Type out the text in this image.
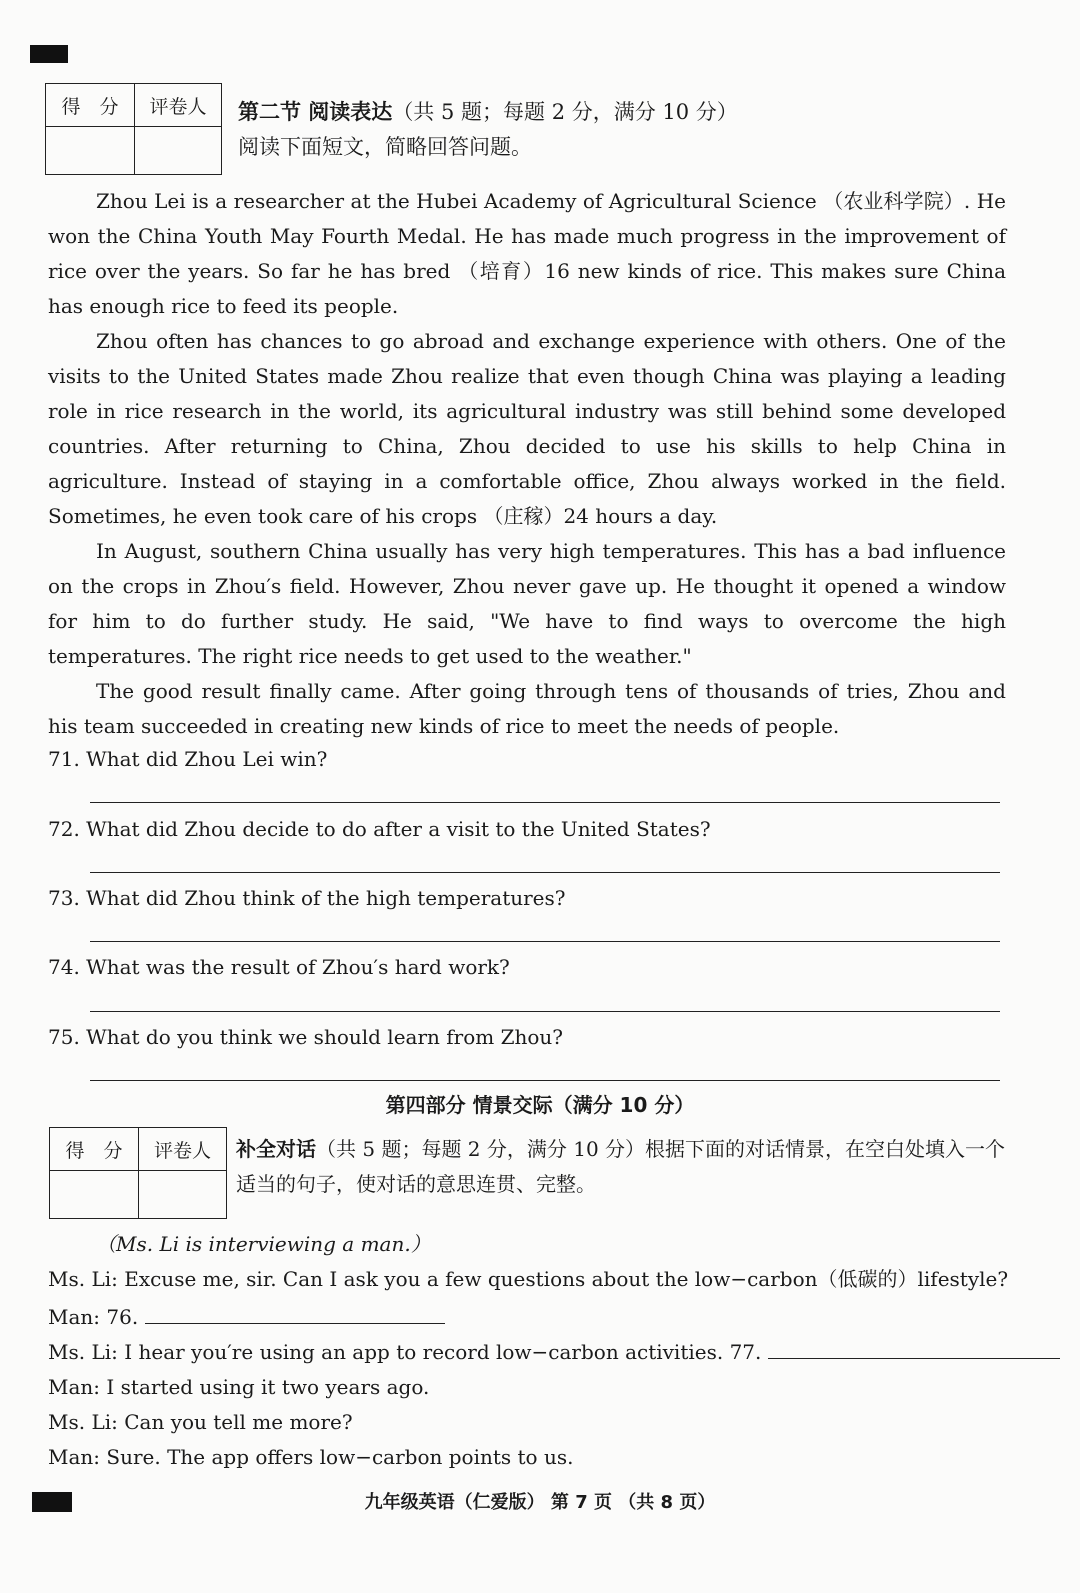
得　分	评卷人
	第二节 阅读表达（共 5 题；每题 2 分，满分 10 分）
阅读下面短文，简略回答问题。

Zhou Lei is a researcher at the Hubei Academy of Agricultural Science （农业科学院）. He won the China Youth May Fourth Medal. He has made much progress in the improvement of rice over the years. So far he has bred （培育）16 new kinds of rice. This makes sure China has enough rice to feed its people.

Zhou often has chances to go abroad and exchange experience with others. One of the visits to the United States made Zhou realize that even though China was playing a leading role in rice research in the world, its agricultural industry was still behind some developed countries. After returning to China, Zhou decided to use his skills to help China in agriculture. Instead of staying in a comfortable office, Zhou always worked in the field. Sometimes, he even took care of his crops （庄稼）24 hours a day.

In August, southern China usually has very high temperatures. This has a bad influence on the crops in Zhou′s field. However, Zhou never gave up. He thought it opened a window for him to do further study. He said, "We have to find ways to overcome the high temperatures. The right rice needs to get used to the weather."

The good result finally came. After going through tens of thousands of tries, Zhou and his team succeeded in creating new kinds of rice to meet the needs of people.

71. What did Zhou Lei win?
72. What did Zhou decide to do after a visit to the United States?
73. What did Zhou think of the high temperatures?
74. What was the result of Zhou′s hard work?
75. What do you think we should learn from Zhou?
第四部分 情景交际（满分 10 分）
得　分	评卷人
	补全对话（共 5 题；每题 2 分，满分 10 分）根据下面的对话情景，在空白处填入一个适当的句子，使对话的意思连贯、完整。
（Ms. Li is interviewing a man.）
Ms. Li: Excuse me, sir. Can I ask you a few questions about the low−carbon（低碳的）lifestyle?
Man: 76.
Ms. Li: I hear you′re using an app to record low−carbon activities. 77.
Man: I started using it two years ago.
Ms. Li: Can you tell me more?
Man: Sure. The app offers low−carbon points to us.
九年级英语（仁爱版） 第 7 页 （共 8 页）
